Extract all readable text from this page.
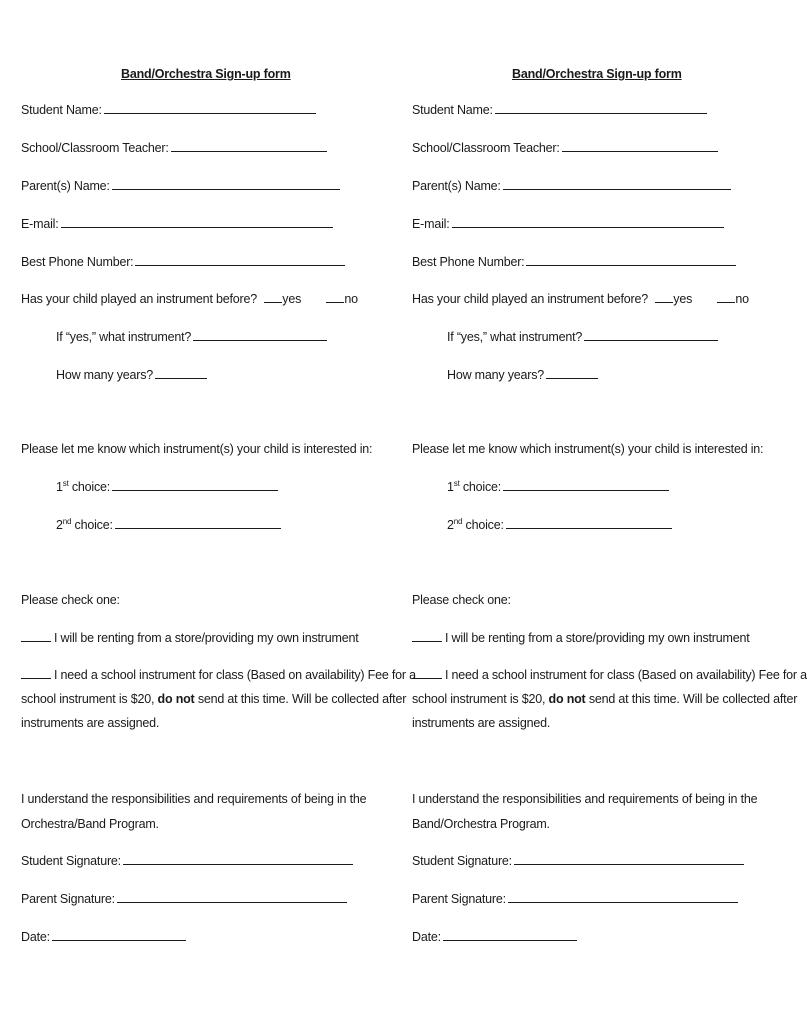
Band/Orchestra Sign-up form
Student Name:
School/Classroom Teacher:
Parent(s) Name:
E-mail:
Best Phone Number:
Has your child played an instrument before? yes	no
If “yes,” what instrument?
How many years?
Please let me know which instrument(s) your child is interested in:
1st choice:
2nd choice:
Please check one:
I will be renting from a store/providing my own instrument
I need a school instrument for class (Based on availability) Fee for a
school instrument is $20, do not send at this time. Will be collected after
instruments are assigned.
I understand the responsibilities and requirements of being in the
Orchestra/Band Program.
Student Signature:
Parent Signature:
Date:
Band/Orchestra Sign-up form
Student Name:
School/Classroom Teacher:
Parent(s) Name:
E-mail:
Best Phone Number:
Has your child played an instrument before? yes	no
If “yes,” what instrument?
How many years?
Please let me know which instrument(s) your child is interested in:
1st choice:
2nd choice:
Please check one:
I will be renting from a store/providing my own instrument
I need a school instrument for class (Based on availability) Fee for a
school instrument is $20, do not send at this time. Will be collected after
instruments are assigned.
I understand the responsibilities and requirements of being in the
Band/Orchestra Program.
Student Signature:
Parent Signature:
Date:
